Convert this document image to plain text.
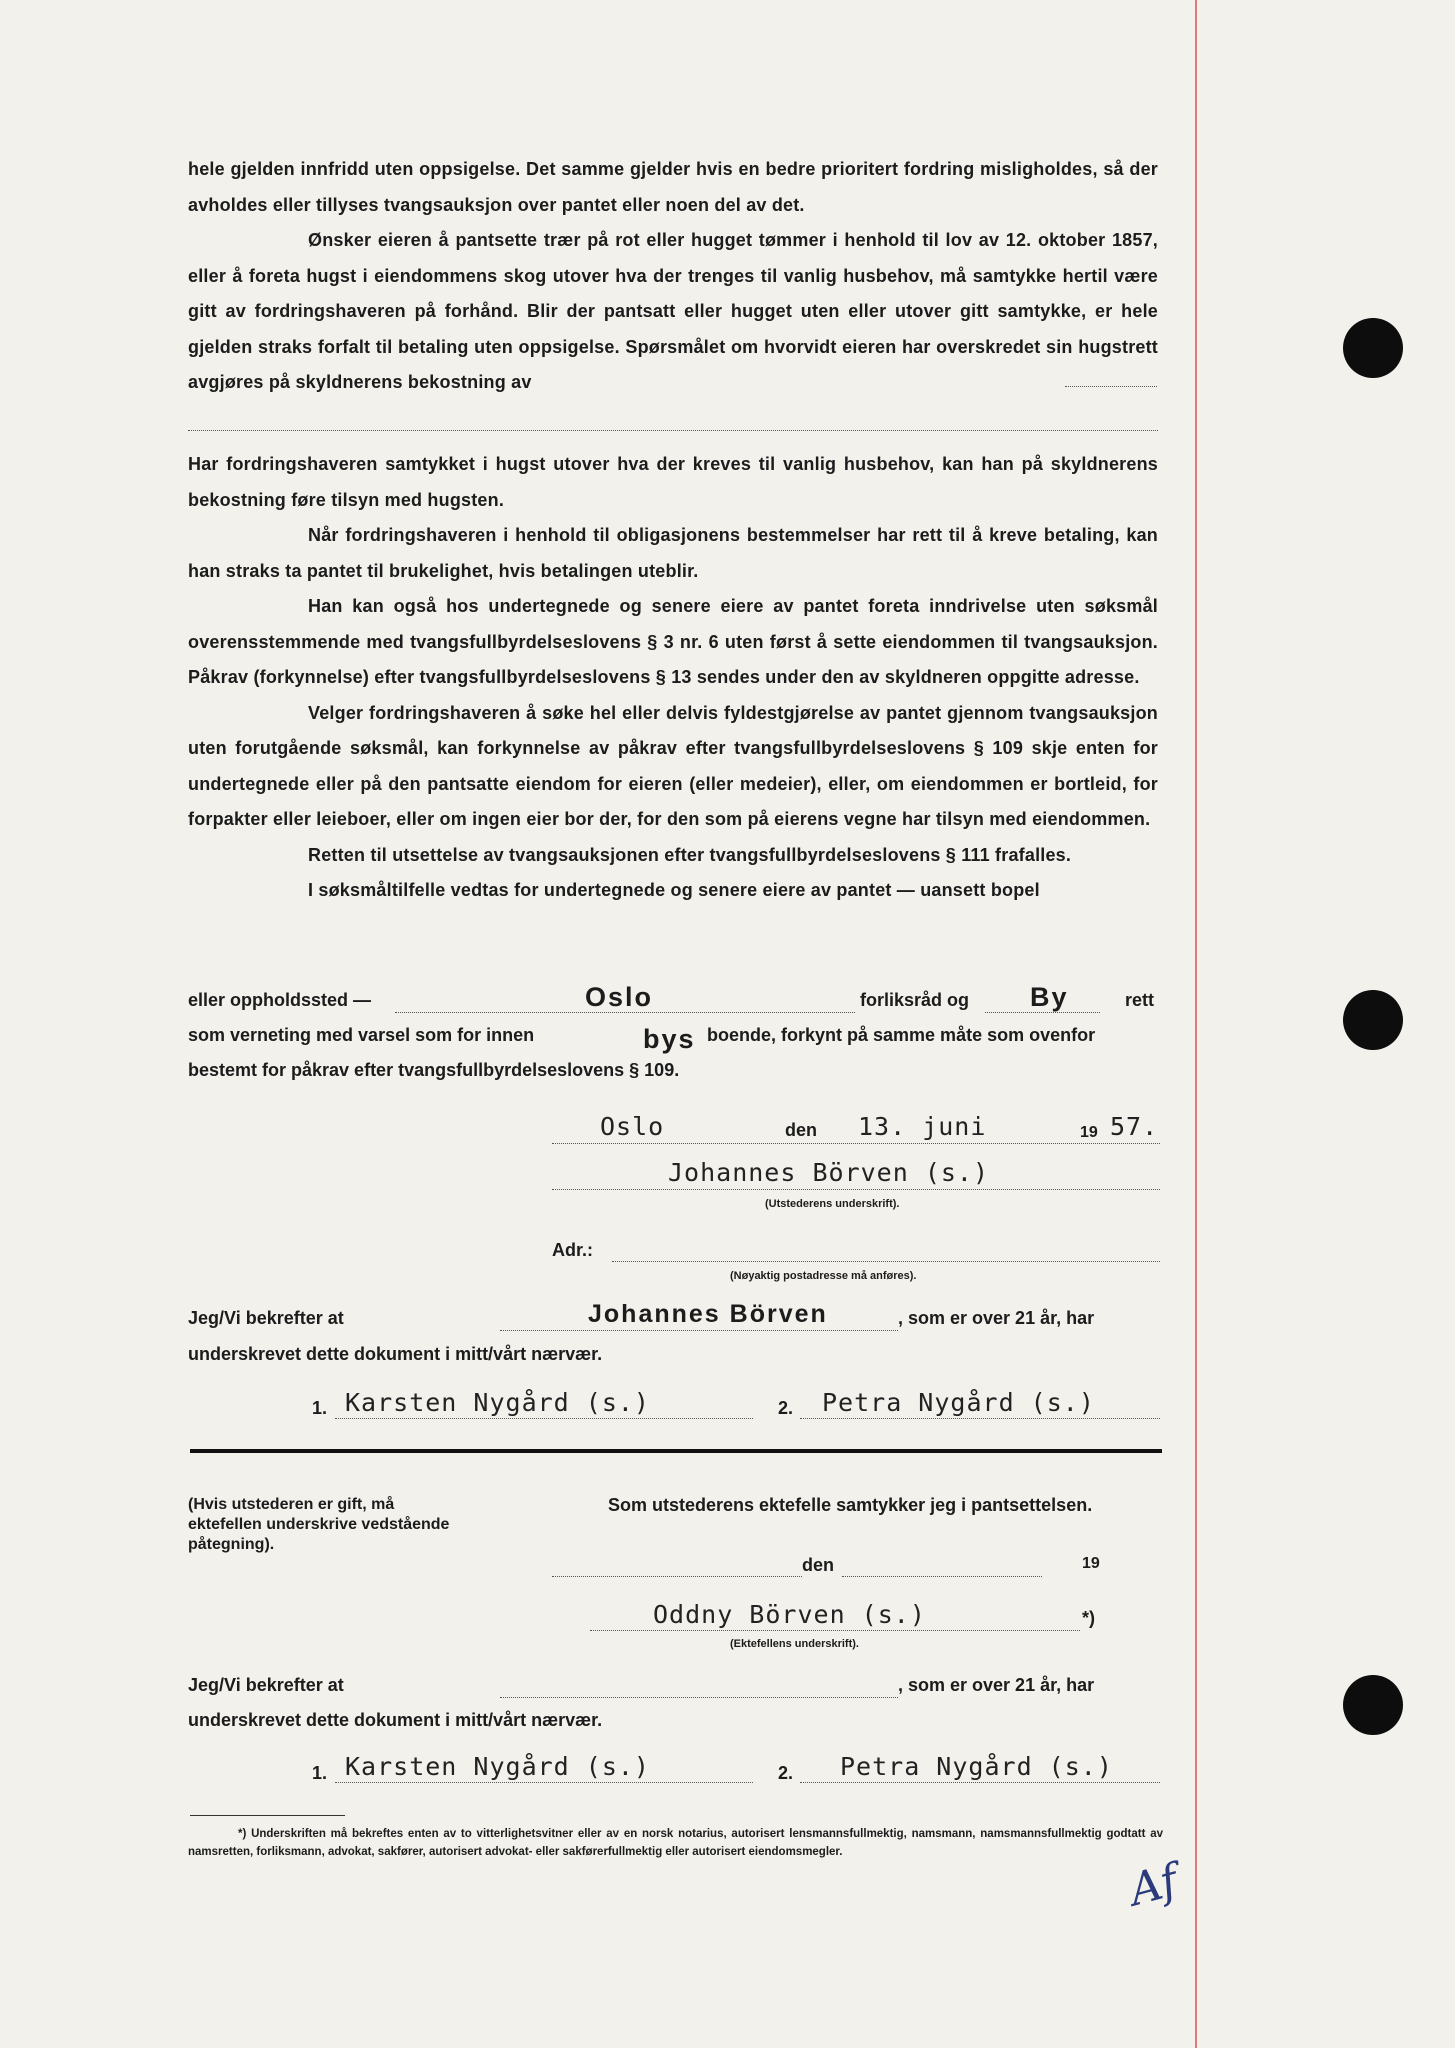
hele gjelden innfridd uten oppsigelse. Det samme gjelder hvis en bedre prioritert fordring misligholdes, så der avholdes eller tillyses tvangsauksjon over pantet eller noen del av det.

Ønsker eieren å pantsette trær på rot eller hugget tømmer i henhold til lov av 12. oktober 1857, eller å foreta hugst i eiendommens skog utover hva der trenges til vanlig husbehov, må samtykke hertil være gitt av fordringshaveren på forhånd. Blir der pantsatt eller hugget uten eller utover gitt samtykke, er hele gjelden straks forfalt til betaling uten oppsigelse. Spørsmålet om hvorvidt eieren har overskredet sin hugstrett avgjøres på skyldnerens bekostning av

Har fordringshaveren samtykket i hugst utover hva der kreves til vanlig husbehov, kan han på skyldnerens bekostning føre tilsyn med hugsten.

Når fordringshaveren i henhold til obligasjonens bestemmelser har rett til å kreve betaling, kan han straks ta pantet til brukelighet, hvis betalingen uteblir.

Han kan også hos undertegnede og senere eiere av pantet foreta inndrivelse uten søksmål overensstemmende med tvangsfullbyrdelseslovens § 3 nr. 6 uten først å sette eiendommen til tvangsauksjon. Påkrav (forkynnelse) efter tvangsfullbyrdelseslovens § 13 sendes under den av skyldneren oppgitte adresse.

Velger fordringshaveren å søke hel eller delvis fyldestgjørelse av pantet gjennom tvangsauksjon uten forutgående søksmål, kan forkynnelse av påkrav efter tvangsfullbyrdelseslovens § 109 skje enten for undertegnede eller på den pantsatte eiendom for eieren (eller medeier), eller, om eiendommen er bortleid, for forpakter eller leieboer, eller om ingen eier bor der, for den som på eierens vegne har tilsyn med eiendommen.

Retten til utsettelse av tvangsauksjonen efter tvangsfullbyrdelseslovens § 111 frafalles.

I søksmåltilfelle vedtas for undertegnede og senere eiere av pantet — uansett bopel

eller oppholdssted —	Oslo	forliksråd og By	rett
som verneting med varsel som for innen	bys boende, forkynt på samme måte som ovenfor
bestemt for påkrav efter tvangsfullbyrdelseslovens § 109.
Oslo	den 13. juni	19 57.
Johannes Börven (s.)
(Utstederens underskrift).
Adr.:
(Nøyaktig postadresse må anføres).
Jeg/Vi bekrefter at	Johannes Börven	, som er over 21 år, har
underskrevet dette dokument i mitt/vårt nærvær.
1. Karsten Nygård (s.)	2. Petra Nygård (s.)
(Hvis utstederen er gift, må ektefellen underskrive vedstående påtegning).
Som utstederens ektefelle samtykker jeg i pantsettelsen.
den	19
Oddny Börven (s.)	*)
(Ektefellens underskrift).
Jeg/Vi bekrefter at	, som er over 21 år, har
underskrevet dette dokument i mitt/vårt nærvær.
1. Karsten Nygård (s.)	2. Petra Nygård (s.)
*) Underskriften må bekreftes enten av to vitterlighetsvitner eller av en norsk notarius, autorisert lensmannsfullmektig, namsmann, namsmannsfullmektig godtatt av namsretten, forliksmann, advokat, sakfører, autorisert advokat- eller sakførerfullmektig eller autorisert eiendomsmegler.
Af
